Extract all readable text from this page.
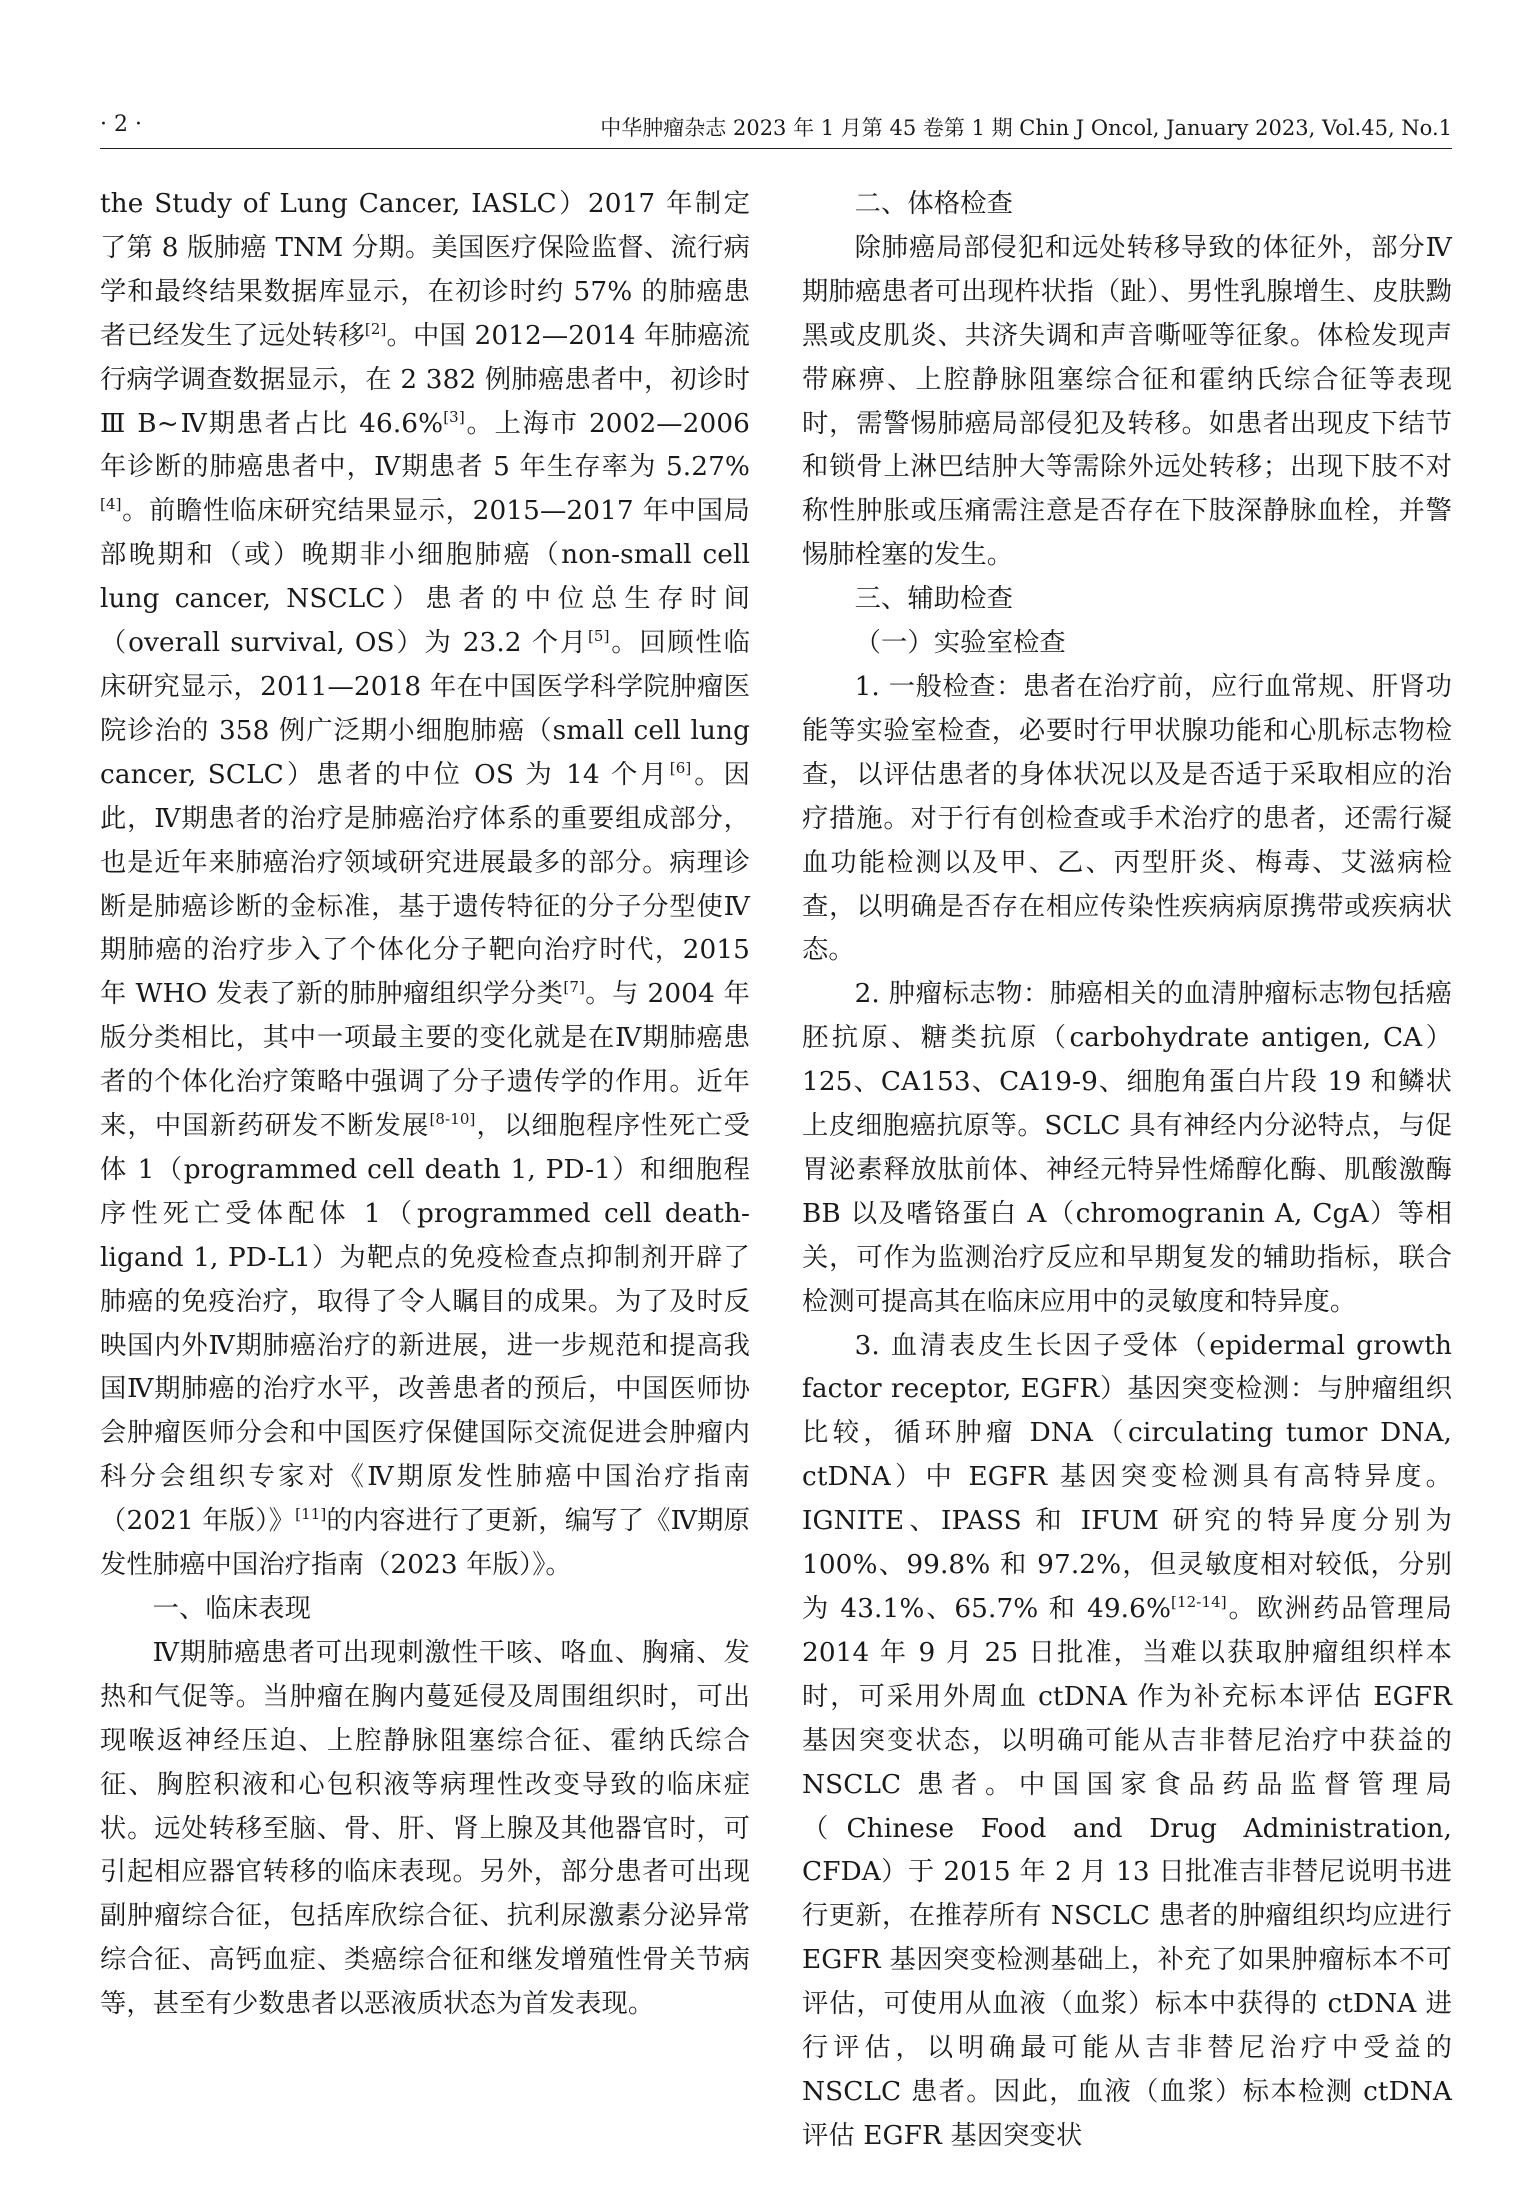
· 2 ·	中华肿瘤杂志 2023 年 1 月第 45 卷第 1 期 Chin J Oncol, January 2023, Vol.45, No.1

the Study of Lung Cancer, IASLC）2017 年制定了第 8 版肺癌 TNM 分期。美国医疗保险监督、流行病学和最终结果数据库显示，在初诊时约 57% 的肺癌患者已经发生了远处转移[2]。中国 2012—2014 年肺癌流行病学调查数据显示，在 2 382 例肺癌患者中，初诊时Ⅲ B~Ⅳ期患者占比 46.6%[3]。上海市 2002—2006 年诊断的肺癌患者中，Ⅳ期患者 5 年生存率为 5.27%[4]。前瞻性临床研究结果显示，2015—2017 年中国局部晚期和（或）晚期非小细胞肺癌（non-small cell lung cancer, NSCLC）患者的中位总生存时间（overall survival, OS）为 23.2 个月[5]。回顾性临床研究显示，2011—2018 年在中国医学科学院肿瘤医院诊治的 358 例广泛期小细胞肺癌（small cell lung cancer, SCLC）患者的中位 OS 为 14 个月[6]。因此，Ⅳ期患者的治疗是肺癌治疗体系的重要组成部分，也是近年来肺癌治疗领域研究进展最多的部分。病理诊断是肺癌诊断的金标准，基于遗传特征的分子分型使Ⅳ期肺癌的治疗步入了个体化分子靶向治疗时代，2015 年 WHO 发表了新的肺肿瘤组织学分类[7]。与 2004 年版分类相比，其中一项最主要的变化就是在Ⅳ期肺癌患者的个体化治疗策略中强调了分子遗传学的作用。近年来，中国新药研发不断发展[8-10]，以细胞程序性死亡受体 1（programmed cell death 1, PD-1）和细胞程序性死亡受体配体 1（programmed cell death-ligand 1, PD-L1）为靶点的免疫检查点抑制剂开辟了肺癌的免疫治疗，取得了令人瞩目的成果。为了及时反映国内外Ⅳ期肺癌治疗的新进展，进一步规范和提高我国Ⅳ期肺癌的治疗水平，改善患者的预后，中国医师协会肿瘤医师分会和中国医疗保健国际交流促进会肿瘤内科分会组织专家对《Ⅳ期原发性肺癌中国治疗指南（2021 年版）》[11]的内容进行了更新，编写了《Ⅳ期原发性肺癌中国治疗指南（2023 年版）》。

一、临床表现

Ⅳ期肺癌患者可出现刺激性干咳、咯血、胸痛、发热和气促等。当肿瘤在胸内蔓延侵及周围组织时，可出现喉返神经压迫、上腔静脉阻塞综合征、霍纳氏综合征、胸腔积液和心包积液等病理性改变导致的临床症状。远处转移至脑、骨、肝、肾上腺及其他器官时，可引起相应器官转移的临床表现。另外，部分患者可出现副肿瘤综合征，包括库欣综合征、抗利尿激素分泌异常综合征、高钙血症、类癌综合征和继发增殖性骨关节病等，甚至有少数患者以恶液质状态为首发表现。

二、体格检查

除肺癌局部侵犯和远处转移导致的体征外，部分Ⅳ期肺癌患者可出现杵状指（趾）、男性乳腺增生、皮肤黝黑或皮肌炎、共济失调和声音嘶哑等征象。体检发现声带麻痹、上腔静脉阻塞综合征和霍纳氏综合征等表现时，需警惕肺癌局部侵犯及转移。如患者出现皮下结节和锁骨上淋巴结肿大等需除外远处转移；出现下肢不对称性肿胀或压痛需注意是否存在下肢深静脉血栓，并警惕肺栓塞的发生。

三、辅助检查

（一）实验室检查

1. 一般检查：患者在治疗前，应行血常规、肝肾功能等实验室检查，必要时行甲状腺功能和心肌标志物检查，以评估患者的身体状况以及是否适于采取相应的治疗措施。对于行有创检查或手术治疗的患者，还需行凝血功能检测以及甲、乙、丙型肝炎、梅毒、艾滋病检查，以明确是否存在相应传染性疾病病原携带或疾病状态。

2. 肿瘤标志物：肺癌相关的血清肿瘤标志物包括癌胚抗原、糖类抗原（carbohydrate antigen, CA）125、CA153、CA19-9、细胞角蛋白片段 19 和鳞状上皮细胞癌抗原等。SCLC 具有神经内分泌特点，与促胃泌素释放肽前体、神经元特异性烯醇化酶、肌酸激酶 BB 以及嗜铬蛋白 A（chromogranin A, CgA）等相关，可作为监测治疗反应和早期复发的辅助指标，联合检测可提高其在临床应用中的灵敏度和特异度。

3. 血清表皮生长因子受体（epidermal growth factor receptor, EGFR）基因突变检测：与肿瘤组织比较，循环肿瘤 DNA（circulating tumor DNA, ctDNA）中 EGFR 基因突变检测具有高特异度。IGNITE、IPASS 和 IFUM 研究的特异度分别为 100%、99.8% 和 97.2%，但灵敏度相对较低，分别为 43.1%、65.7% 和 49.6%[12-14]。欧洲药品管理局 2014 年 9 月 25 日批准，当难以获取肿瘤组织样本时，可采用外周血 ctDNA 作为补充标本评估 EGFR 基因突变状态，以明确可能从吉非替尼治疗中获益的 NSCLC 患者。中国国家食品药品监督管理局（Chinese Food and Drug Administration, CFDA）于 2015 年 2 月 13 日批准吉非替尼说明书进行更新，在推荐所有 NSCLC 患者的肿瘤组织均应进行 EGFR 基因突变检测基础上，补充了如果肿瘤标本不可评估，可使用从血液（血浆）标本中获得的 ctDNA 进行评估，以明确最可能从吉非替尼治疗中受益的 NSCLC 患者。因此，血液（血浆）标本检测 ctDNA 评估 EGFR 基因突变状
